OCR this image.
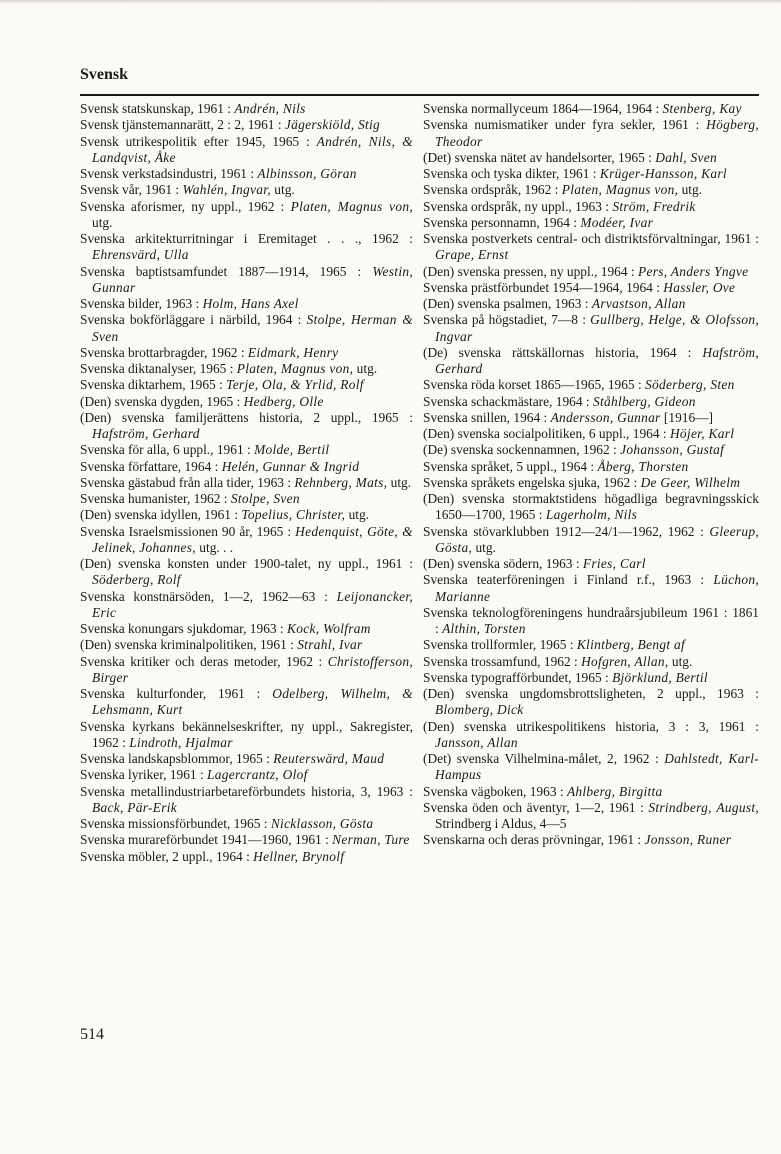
Svensk
Svensk statskunskap, 1961 : Andrén, Nils
Svensk tjänstemannarätt, 2 : 2, 1961 : Jägerskiöld, Stig
Svensk utrikespolitik efter 1945, 1965 : Andrén, Nils, & Landqvist, Åke
Svensk verkstadsindustri, 1961 : Albinsson, Göran
Svensk vår, 1961 : Wahlén, Ingvar, utg.
Svenska aforismer, ny uppl., 1962 : Platen, Magnus von, utg.
Svenska arkitekturritningar i Eremitaget . . ., 1962 : Ehrensvärd, Ulla
Svenska baptistsamfundet 1887—1914, 1965 : Westin, Gunnar
Svenska bilder, 1963 : Holm, Hans Axel
Svenska bokförläggare i närbild, 1964 : Stolpe, Herman & Sven
Svenska brottarbragder, 1962 : Eidmark, Henry
Svenska diktanalyser, 1965 : Platen, Magnus von, utg.
Svenska diktarhem, 1965 : Terje, Ola, & Yrlid, Rolf
(Den) svenska dygden, 1965 : Hedberg, Olle
(Den) svenska familjerättens historia, 2 uppl., 1965 : Hafström, Gerhard
Svenska för alla, 6 uppl., 1961 : Molde, Bertil
Svenska författare, 1964 : Helén, Gunnar & Ingrid
Svenska gästabud från alla tider, 1963 : Rehnberg, Mats, utg.
Svenska humanister, 1962 : Stolpe, Sven
(Den) svenska idyllen, 1961 : Topelius, Christer, utg.
Svenska Israelsmissionen 90 år, 1965 : Hedenquist, Göte, & Jelinek, Johannes, utg. . .
(Den) svenska konsten under 1900-talet, ny uppl., 1961 : Söderberg, Rolf
Svenska konstnärsöden, 1—2, 1962—63 : Leijonancker, Eric
Svenska konungars sjukdomar, 1963 : Kock, Wolfram
(Den) svenska kriminalpolitiken, 1961 : Strahl, Ivar
Svenska kritiker och deras metoder, 1962 : Christofferson, Birger
Svenska kulturfonder, 1961 : Odelberg, Wilhelm, & Lehsmann, Kurt
Svenska kyrkans bekännelseskrifter, ny uppl., Sakregister, 1962 : Lindroth, Hjalmar
Svenska landskapsblommor, 1965 : Reuterswärd, Maud
Svenska lyriker, 1961 : Lagercrantz, Olof
Svenska metallindustriarbetareförbundets historia, 3, 1963 : Back, Pär-Erik
Svenska missionsförbundet, 1965 : Nicklasson, Gösta
Svenska murareförbundet 1941—1960, 1961 : Nerman, Ture
Svenska möbler, 2 uppl., 1964 : Hellner, Brynolf
Svenska normallyceum 1864—1964, 1964 : Stenberg, Kay
Svenska numismatiker under fyra sekler, 1961 : Högberg, Theodor
(Det) svenska nätet av handelsorter, 1965 : Dahl, Sven
Svenska och tyska dikter, 1961 : Krüger-Hansson, Karl
Svenska ordspråk, 1962 : Platen, Magnus von, utg.
Svenska ordspråk, ny uppl., 1963 : Ström, Fredrik
Svenska personnamn, 1964 : Modéer, Ivar
Svenska postverkets central- och distriktsförvaltningar, 1961 : Grape, Ernst
(Den) svenska pressen, ny uppl., 1964 : Pers, Anders Yngve
Svenska prästförbundet 1954—1964, 1964 : Hassler, Ove
(Den) svenska psalmen, 1963 : Arvastson, Allan
Svenska på högstadiet, 7—8 : Gullberg, Helge, & Olofsson, Ingvar
(De) svenska rättskällornas historia, 1964 : Hafström, Gerhard
Svenska röda korset 1865—1965, 1965 : Söderberg, Sten
Svenska schackmästare, 1964 : Ståhlberg, Gideon
Svenska snillen, 1964 : Andersson, Gunnar [1916—]
(Den) svenska socialpolitiken, 6 uppl., 1964 : Höjer, Karl
(De) svenska sockennamnen, 1962 : Johansson, Gustaf
Svenska språket, 5 uppl., 1964 : Åberg, Thorsten
Svenska språkets engelska sjuka, 1962 : De Geer, Wilhelm
(Den) svenska stormaktstidens högadliga begravningsskick 1650—1700, 1965 : Lagerholm, Nils
Svenska stövarklubben 1912—24/1—1962, 1962 : Gleerup, Gösta, utg.
(Den) svenska södern, 1963 : Fries, Carl
Svenska teaterföreningen i Finland r.f., 1963 : Lüchon, Marianne
Svenska teknologföreningens hundraårsjubileum 1961 : 1861 : Althin, Torsten
Svenska trollformler, 1965 : Klintberg, Bengt af
Svenska trossamfund, 1962 : Hofgren, Allan, utg.
Svenska typografförbundet, 1965 : Björklund, Bertil
(Den) svenska ungdomsbrottsligheten, 2 uppl., 1963 : Blomberg, Dick
(Den) svenska utrikespolitikens historia, 3 : 3, 1961 : Jansson, Allan
(Det) svenska Vilhelmina-målet, 2, 1962 : Dahlstedt, Karl-Hampus
Svenska vägboken, 1963 : Ahlberg, Birgitta
Svenska öden och äventyr, 1—2, 1961 : Strindberg, August, Strindberg i Aldus, 4—5
Svenskarna och deras prövningar, 1961 : Jonsson, Runer
514
